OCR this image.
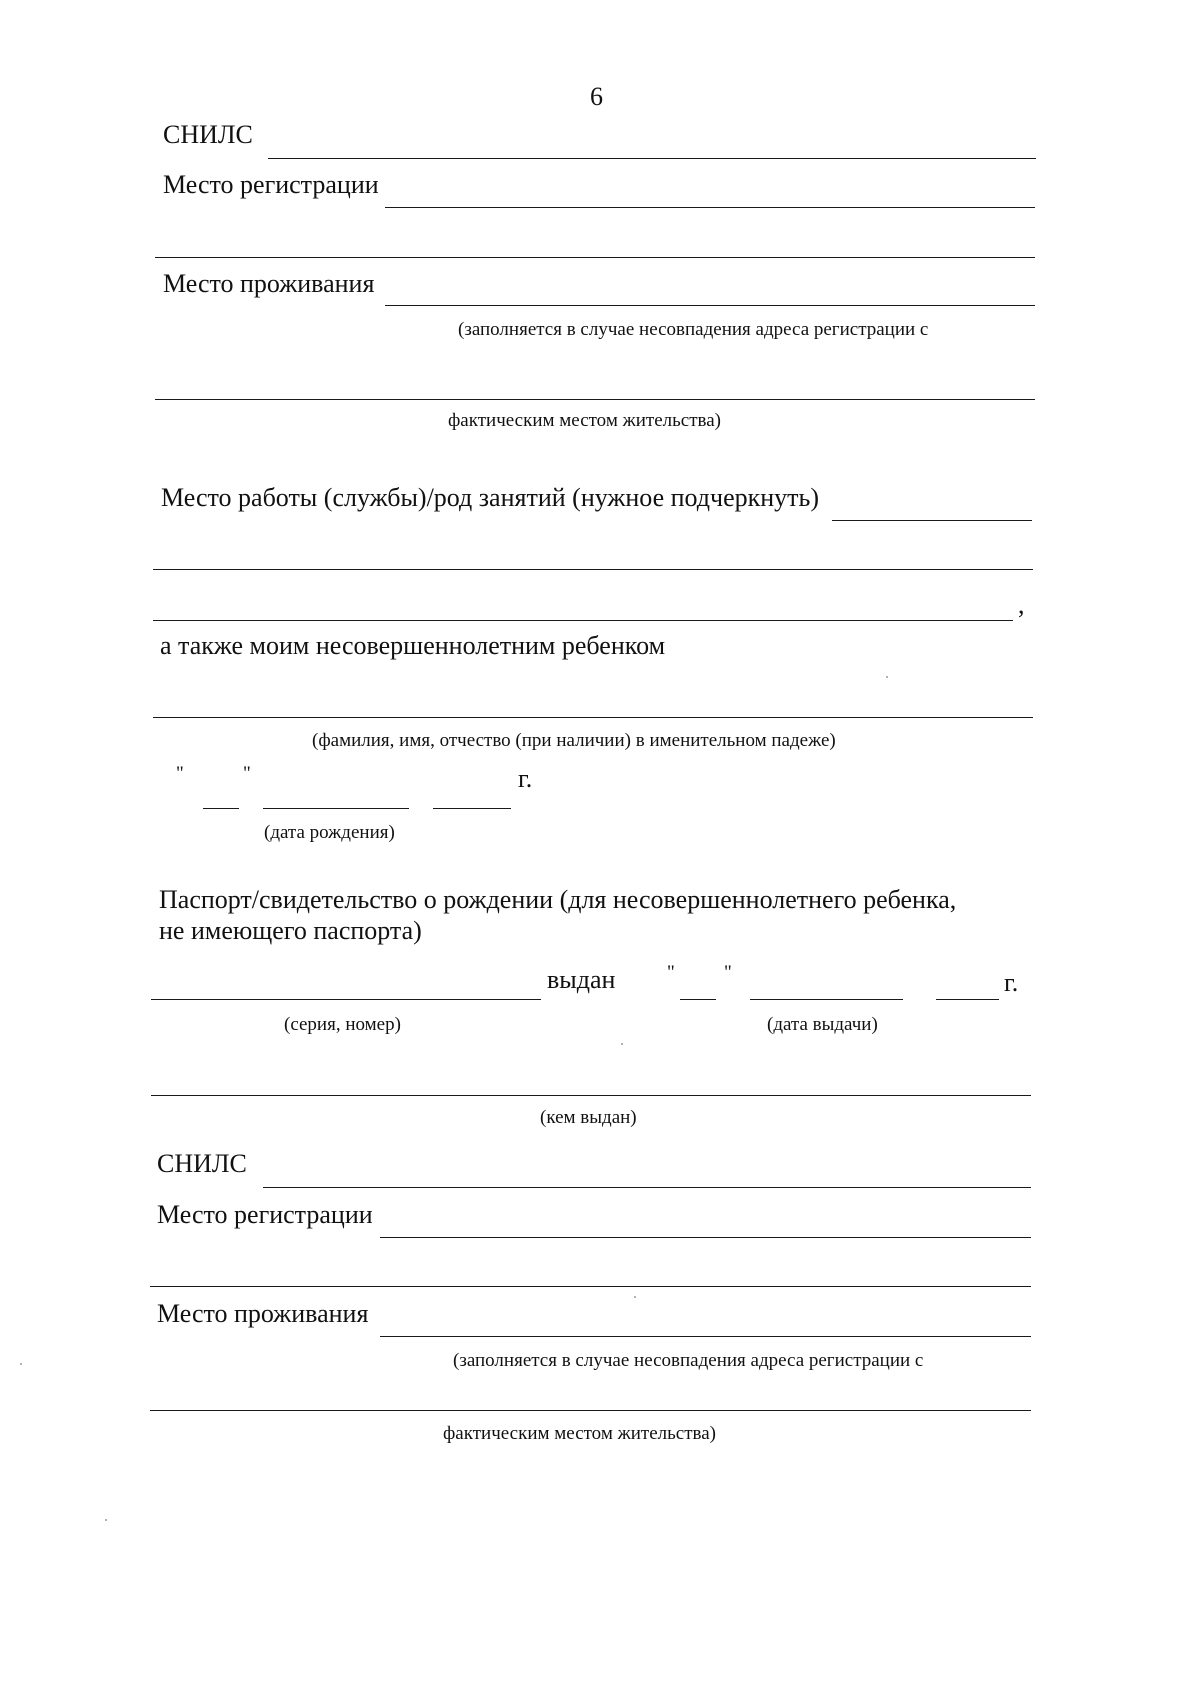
6
СНИЛС
Место регистрации
Место проживания
(заполняется в случае несовпадения адреса регистрации с
фактическим местом жительства)
Место работы (службы)/род занятий (нужное подчеркнуть)
,
а также моим несовершеннолетним ребенком
(фамилия, имя, отчество (при наличии) в именительном падеже)
"	"	г.
(дата рождения)
Паспорт/свидетельство о рождении (для несовершеннолетнего ребенка,
не имеющего паспорта)
выдан	"	"	г.
(серия, номер)	(дата выдачи)
(кем выдан)
СНИЛС
Место регистрации
Место проживания
(заполняется в случае несовпадения адреса регистрации с
фактическим местом жительства)
